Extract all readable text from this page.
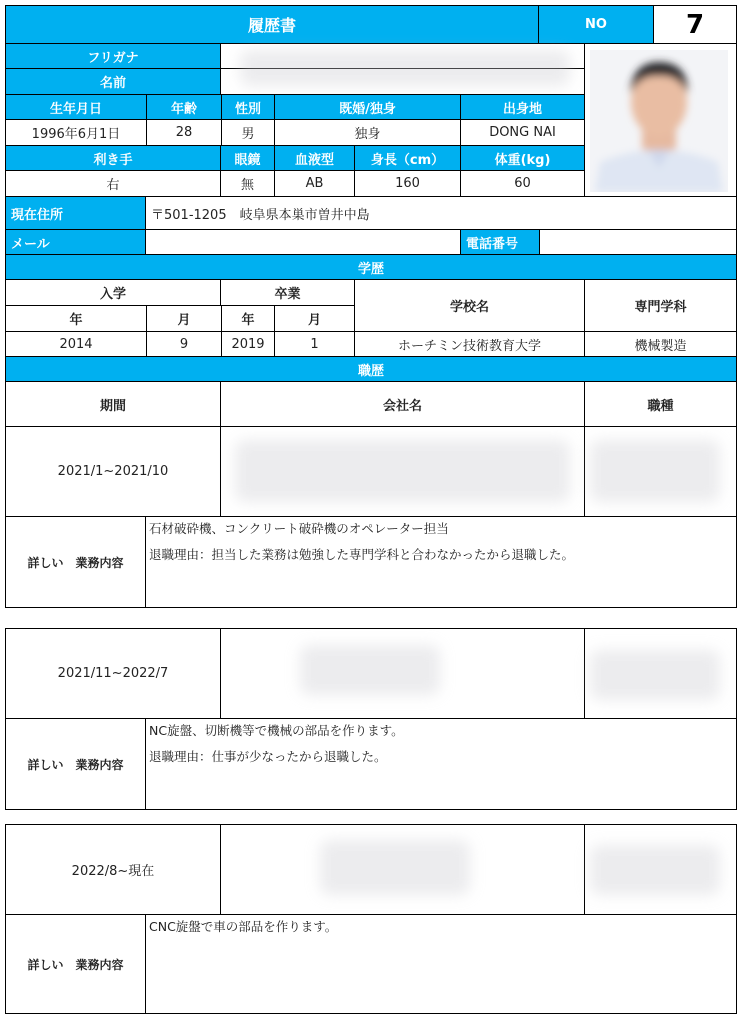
履歴書	NO	7
フリガナ
名前
生年月日	年齢	性別	既婚/独身	出身地
1996年6月1日	28	男	独身	DONG NAI
利き手	眼鏡	血液型	身長（cm）	体重(kg)
右	無	AB	160	60
現在住所	〒501-1205　岐阜県本巣市曽井中島
メール	電話番号
学歴
入学	卒業
学校名	専門学科
年	月	年	月
2014	9	2019	1	ホーチミン技術教育大学	機械製造
職歴
期間	会社名	職種
2021/1~2021/10
詳しい　業務内容
石材破砕機、コンクリート破砕機のオペレーター担当
退職理由：担当した業務は勉強した専門学科と合わなかったから退職した。
2021/11~2022/7
詳しい　業務内容
NC旋盤、切断機等で機械の部品を作ります。
退職理由：仕事が少なったから退職した。
2022/8~現在
詳しい　業務内容
CNC旋盤で車の部品を作ります。
